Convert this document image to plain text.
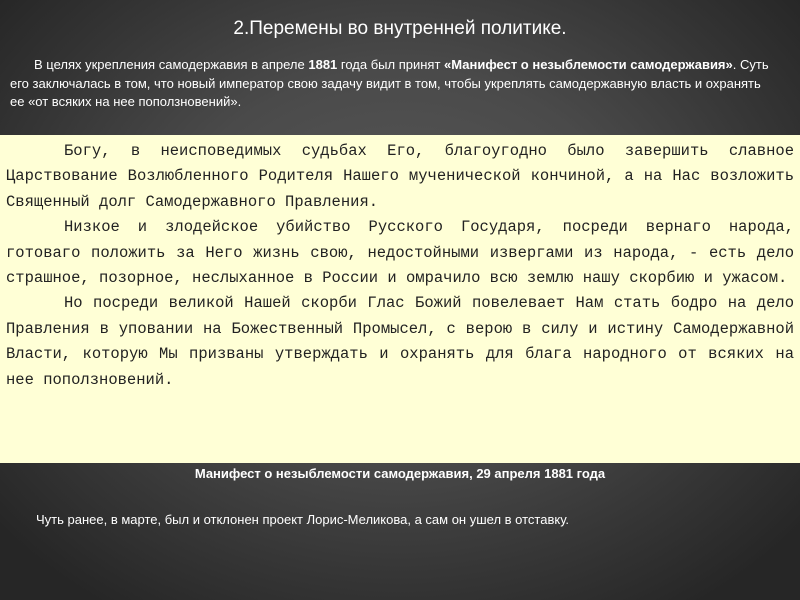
2.Перемены во внутренней политике.
В целях укрепления самодержавия в апреле 1881 года был принят «Манифест о незыблемости самодержавия». Суть его заключалась в том, что новый император свою задачу видит в том, чтобы укреплять самодержавную власть и охранять ее «от всяких на нее поползновений».

Богу, в неисповедимых судьбах Его, благоугодно было завершить славное Царствование Возлюбленного Родителя Нашего мученической кончиной, а на Нас возложить Священный долг Самодержавного Правления.

Низкое и злодейское убийство Русского Государя, посреди вернаго народа, готоваго положить за Него жизнь свою, недостойными извергами из народа, - есть дело страшное, позорное, неслыханное в России и омрачило всю землю нашу скорбию и ужасом.

Но посреди великой Нашей скорби Глас Божий повелевает Нам стать бодро на дело Правления в уповании на Божественный Промысел, с верою в силу и истину Самодержавной Власти, которую Мы призваны утверждать и охранять для блага народного от всяких на нее поползновений.

Манифест о незыблемости самодержавия, 29 апреля 1881 года
Чуть ранее, в марте, был и отклонен проект Лорис-Меликова, а сам он ушел в отставку.
